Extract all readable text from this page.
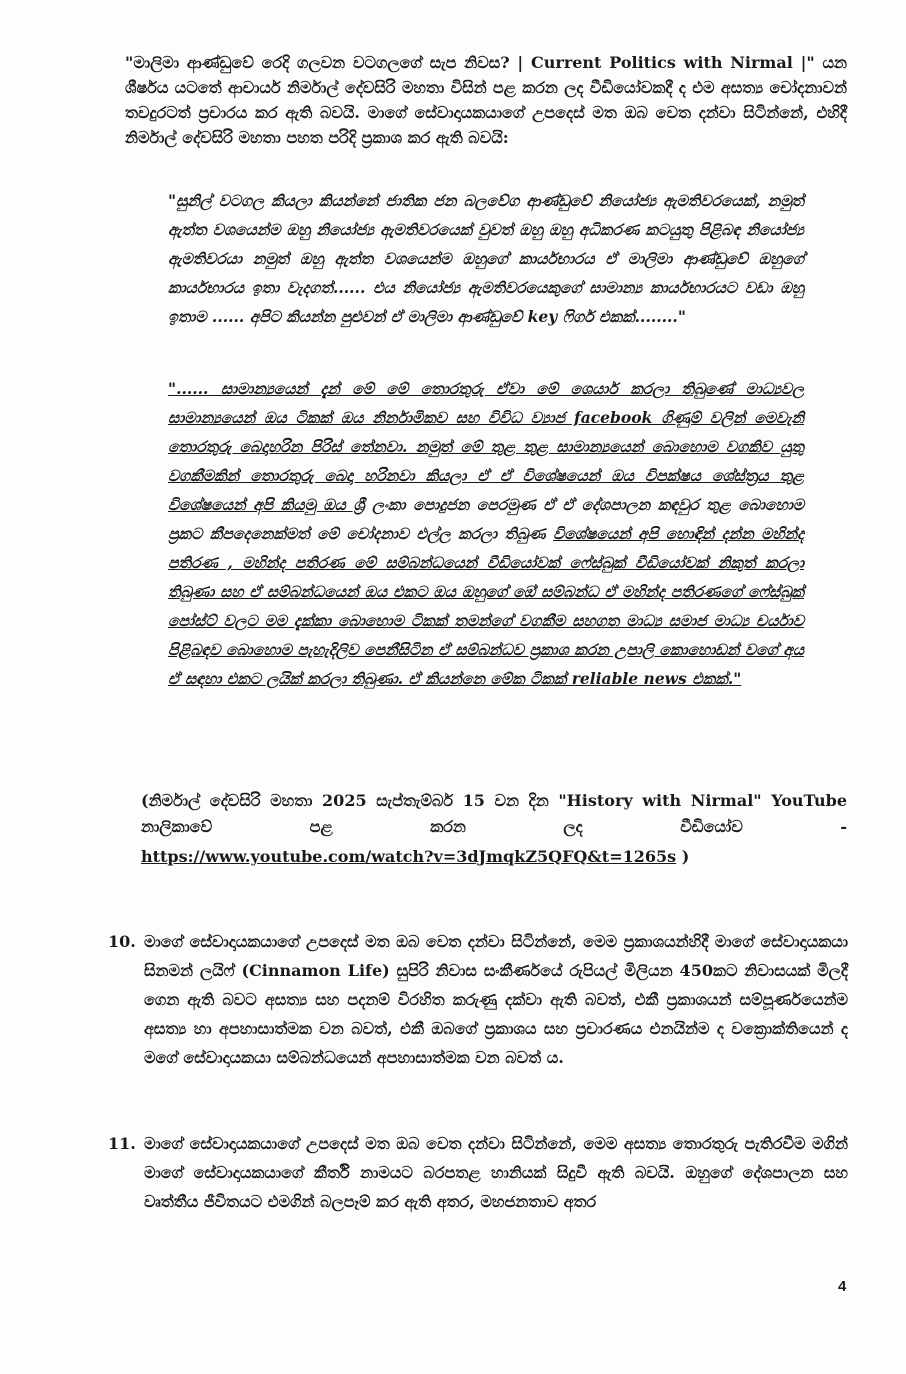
"මාලිමා ආණ්ඩුවේ රෙදි ගලවන වටගලගේ සැප නිවස? | Current Politics with Nirmal |" යන ශීර්ෂය යටතේ ආචාර්ය නිර්මාල් දේවසිරි මහතා විසින් පළ කරන ලද වීඩියෝවකදී ද එම අසත්‍ය චෝදනාවන් තවදුරටත් ප්‍රචාරය කර ඇති බවයි. මාගේ සේවාදායකයාගේ උපදෙස් මත ඔබ වෙත දන්වා සිටින්නේ, එහිදී නිර්මාල් දේවසිරි මහතා පහත පරිදි ප්‍රකාශ කර ඇති බවයි:
"සුනිල් වටගල කියලා කියන්නේ ජාතික ජන බලවේග ආණ්ඩුවේ නියෝජ්‍ය ඇමතිවරයෙක්, නමුත් ඇත්ත වශයෙන්ම ඔහු නියෝජ්‍ය ඇමතිවරයෙක් වුවත් ඔහු ඔහු අධිකරණ කටයුතු පිළිබඳ නියෝජ්‍ය ඇමතිවරයා නමුත් ඔහු ඇත්ත වශයෙන්ම ඔහුගේ කාර්යභාරය ඒ මාලිමා ආණ්ඩුවේ ඔහුගේ කාර්යභාරය ඉතා වැදගත්...... එය නියෝජ්‍ය ඇමතිවරයෙකුගේ සාමාන්‍ය කාර්යභාරයට වඩා ඔහු ඉතාම ...... අපිට කියන්න පුළුවන් ඒ මාලිමා ආණ්ඩුවේ key ෆිගර් එකක්........"
"...... සාමාන්‍යයෙන් දැන් මේ මේ තොරතුරු ඒවා මේ ශෙයාර් කරලා තිබුණේ මාධ්‍යවල සාමාන්‍යයෙන් ඔය ටිකක් ඔය නිර්නාමිකව සහ විවිධ ව්‍යාජ facebook ගිණුම් වලින් මෙවැනි තොරතුරු බෙදාහරින පිරිස් තේනවා. නමුත් මේ තුළ තුළ සාමාන්‍යයෙන් බොහොම වගකිව යුතු වගකීමකින් තොරතුරු බෙදා හරිනවා කියලා ඒ ඒ විශේෂයෙන් ඔය විපක්ෂය ශේස්ත්‍රය තුළ විශේෂයෙන් අපි කියමු ඔය ශ්‍රී ලංකා පොදුජන පෙරමුණ ඒ ඒ දේශපාලන කඳවුර තුළ බොහොම ප්‍රකට කීපදෙනෙක්මත් මේ චෝදනාව එල්ල කරලා තිබුණ විශේෂයෙන් අපි හොඳින් දන්න මහින්ද පතිරණ , මහින්ද පතිරණ මේ සම්බන්ධයෙන් වීඩියෝවක් ෆේස්බුක් වීඩියෝවක් නිකුත් කරලා තිබුණා සහ ඒ සම්බන්ධයෙන් ඔය එකට ඔය ඔහුගේ ඔේ සම්බන්ධ ඒ මහින්ද පතිරණගේ ෆේස්බුක් පෝස්ට් වලට මම දැක්කා බොහොම ටිකක් තමන්ගේ වගකීම සහගත මාධ්‍ය සමාජ මාධ්‍ය චර්යාව පිළිබඳව බොහොම පැහැදිලිව පෙනීසිටින ඒ සම්බන්ධව ප්‍රකාශ කරන උපාලි කොහොඩන් වගේ අය ඒ සඳහා එකට ලයික් කරලා තිබුණා. ඒ කියන්නෙ මේක ටිකක් reliable news එකක්."
(නිර්මාල් දේවසිරි මහතා 2025 සැප්තැම්බර් 15 වන දින "History with Nirmal" YouTube නාලිකාවේ පළ කරන ලද වීඩියෝව -
https://www.youtube.com/watch?v=3dJmqkZ5QFQ&t=1265s )
10. මාගේ සේවාදායකයාගේ උපදෙස් මත ඔබ වෙත දන්වා සිටින්නේ, මෙම ප්‍රකාශයන්හිදී මාගේ සේවාදායකයා සිනමන් ලයිෆ් (Cinnamon Life) සුපිරි නිවාස සංකීර්ණයේ රුපියල් මිලියන 450කට නිවාසයක් මිලදී ගෙන ඇති බවට අසත්‍ය සහ පදනම් විරහිත කරුණු දක්වා ඇති බවත්, එකී ප්‍රකාශයන් සම්පූර්ණයෙන්ම අසත්‍ය හා අපහාසාත්මක වන බවත්, එකී ඔබගේ ප්‍රකාශය සහ ප්‍රචාරණය එනයින්ම ද වක්‍රොක්තියෙන් ද මගේ සේවාදායකයා සම්බන්ධයෙන් අපහාසාත්මක වන බවත් ය.
11. මාගේ සේවාදායකයාගේ උපදෙස් මත ඔබ වෙත දන්වා සිටින්නේ, මෙම අසත්‍ය තොරතුරු පැතිරවීම මගින් මාගේ සේවාදායකයාගේ කීර්ති නාමයට බරපතළ හානියක් සිදුවී ඇති බවයි. ඔහුගේ දේශපාලන සහ වෘත්තීය ජීවිතයට එමගින් බලපෑම් කර ඇති අතර, මහජනතාව අතර
4
